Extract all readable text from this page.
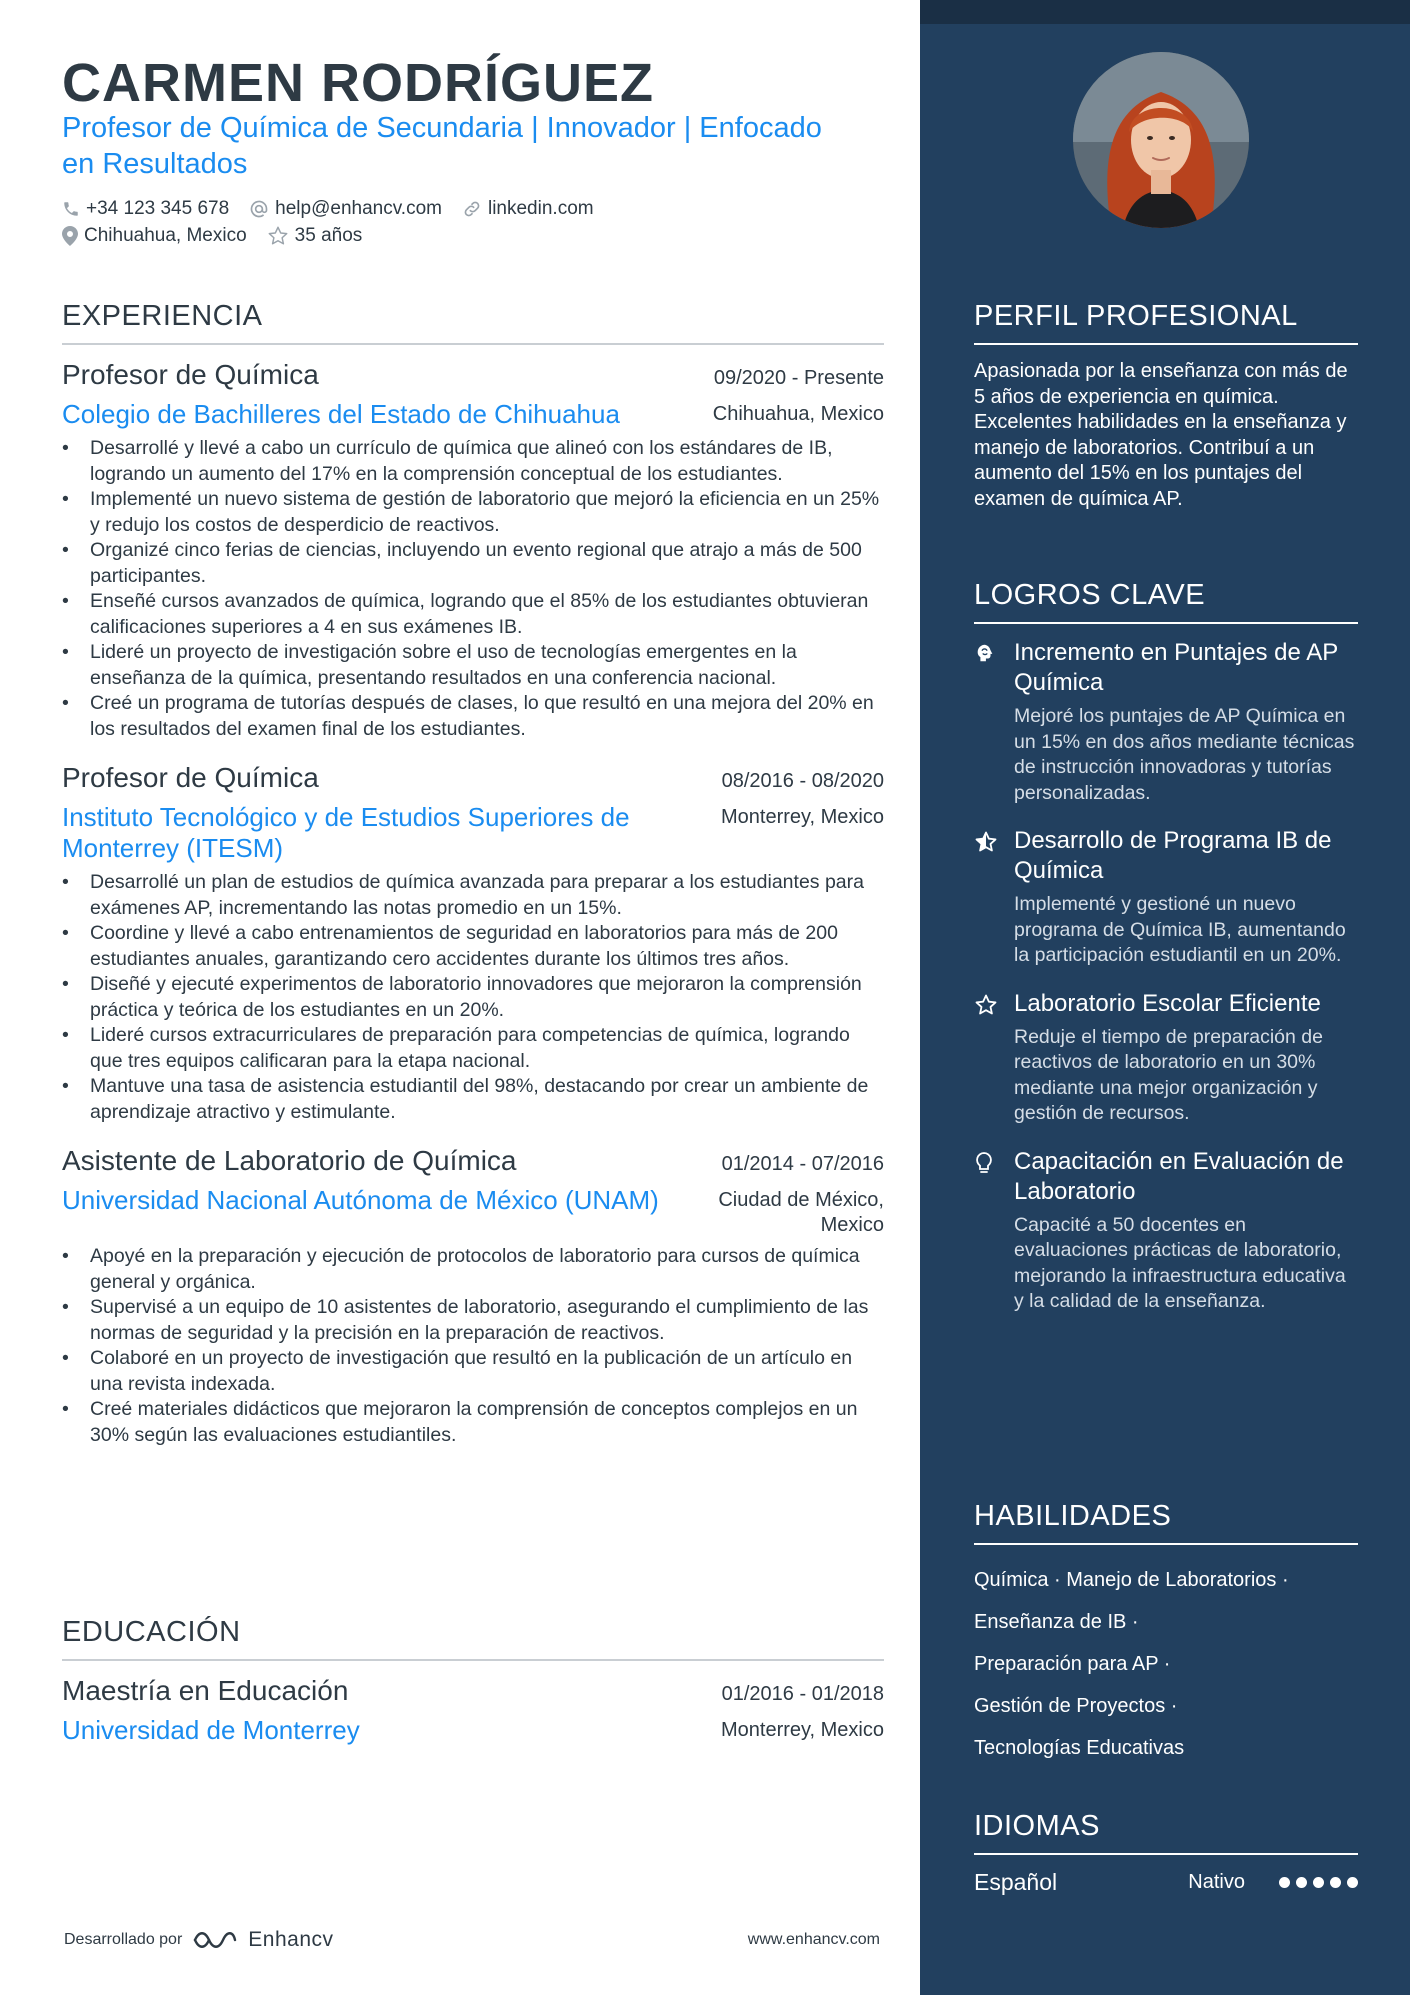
CARMEN RODRÍGUEZ
Profesor de Química de Secundaria | Innovador | Enfocado en Resultados
+34 123 345 678 help@enhancv.com linkedin.com
Chihuahua, Mexico	35 años
EXPERIENCIA
Profesor de Química	09/2020 - Presente
Colegio de Bachilleres del Estado de Chihuahua	Chihuahua, Mexico
• Desarrollé y llevé a cabo un currículo de química que alineó con los estándares de IB, logrando un aumento del 17% en la comprensión conceptual de los estudiantes.
• Implementé un nuevo sistema de gestión de laboratorio que mejoró la eficiencia en un 25% y redujo los costos de desperdicio de reactivos.
• Organizé cinco ferias de ciencias, incluyendo un evento regional que atrajo a más de 500 participantes.
• Enseñé cursos avanzados de química, logrando que el 85% de los estudiantes obtuvieran calificaciones superiores a 4 en sus exámenes IB.
• Lideré un proyecto de investigación sobre el uso de tecnologías emergentes en la enseñanza de la química, presentando resultados en una conferencia nacional.
• Creé un programa de tutorías después de clases, lo que resultó en una mejora del 20% en los resultados del examen final de los estudiantes.
Profesor de Química	08/2016 - 08/2020
Instituto Tecnológico y de Estudios Superiores de Monterrey (ITESM)
Monterrey, Mexico
• Desarrollé un plan de estudios de química avanzada para preparar a los estudiantes para exámenes AP, incrementando las notas promedio en un 15%.
• Coordine y llevé a cabo entrenamientos de seguridad en laboratorios para más de 200 estudiantes anuales, garantizando cero accidentes durante los últimos tres años.
• Diseñé y ejecuté experimentos de laboratorio innovadores que mejoraron la comprensión práctica y teórica de los estudiantes en un 20%.
• Lideré cursos extracurriculares de preparación para competencias de química, logrando que tres equipos calificaran para la etapa nacional.
• Mantuve una tasa de asistencia estudiantil del 98%, destacando por crear un ambiente de aprendizaje atractivo y estimulante.
Asistente de Laboratorio de Química	01/2014 - 07/2016
Universidad Nacional Autónoma de México (UNAM)	Ciudad de México, Mexico
• Apoyé en la preparación y ejecución de protocolos de laboratorio para cursos de química general y orgánica.
• Supervisé a un equipo de 10 asistentes de laboratorio, asegurando el cumplimiento de las normas de seguridad y la precisión en la preparación de reactivos.
• Colaboré en un proyecto de investigación que resultó en la publicación de un artículo en una revista indexada.
• Creé materiales didácticos que mejoraron la comprensión de conceptos complejos en un 30% según las evaluaciones estudiantiles.
EDUCACIÓN
Maestría en Educación	01/2016 - 01/2018
Universidad de Monterrey	Monterrey, Mexico
Desarrollado por	Enhancv	www.enhancv.com
PERFIL PROFESIONAL
Apasionada por la enseñanza con más de 5 años de experiencia en química. Excelentes habilidades en la enseñanza y manejo de laboratorios. Contribuí a un aumento del 15% en los puntajes del examen de química AP.
LOGROS CLAVE
Incremento en Puntajes de AP Química
Mejoré los puntajes de AP Química en un 15% en dos años mediante técnicas de instrucción innovadoras y tutorías personalizadas.
Desarrollo de Programa IB de Química
Implementé y gestioné un nuevo programa de Química IB, aumentando la participación estudiantil en un 20%.
Laboratorio Escolar Eficiente
Reduje el tiempo de preparación de reactivos de laboratorio en un 30% mediante una mejor organización y gestión de recursos.
Capacitación en Evaluación de Laboratorio
Capacité a 50 docentes en evaluaciones prácticas de laboratorio, mejorando la infraestructura educativa y la calidad de la enseñanza.
HABILIDADES
Química · Manejo de Laboratorios ·
Enseñanza de IB ·
Preparación para AP ·
Gestión de Proyectos ·
Tecnologías Educativas
IDIOMAS
Español	Nativo
